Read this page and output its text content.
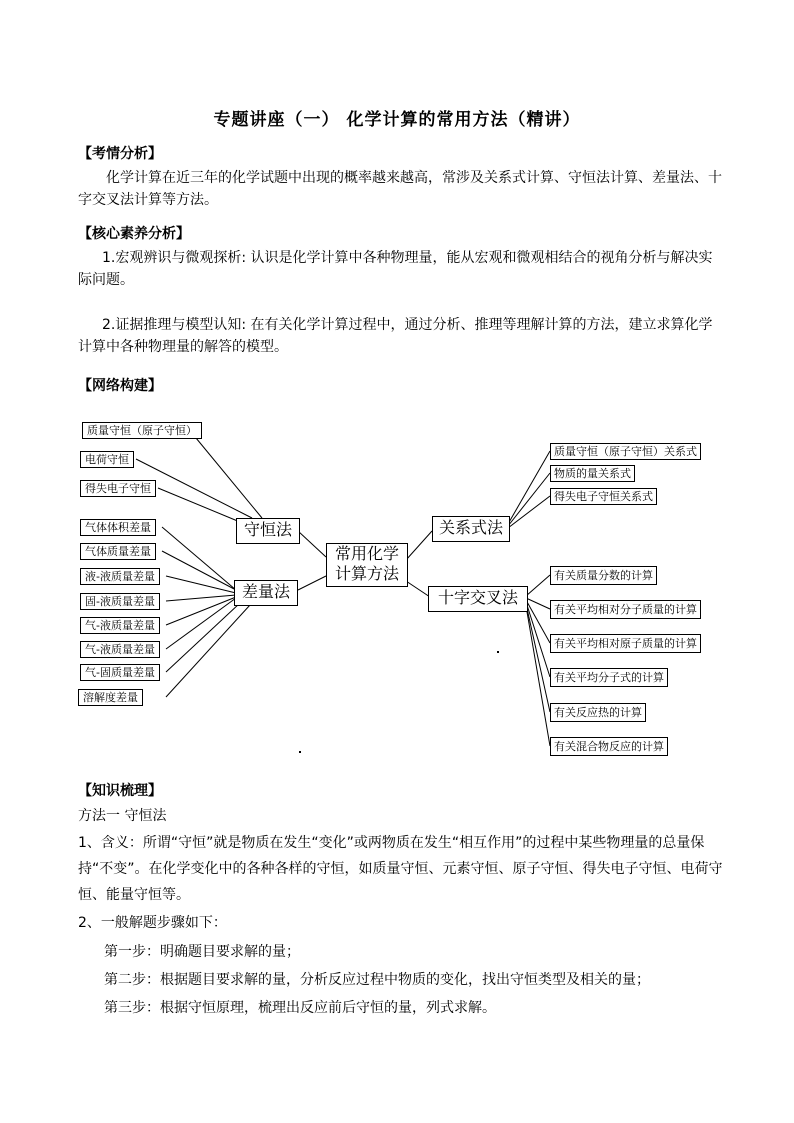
专题讲座（一） 化学计算的常用方法（精讲）
【考情分析】
化学计算在近三年的化学试题中出现的概率越来越高，常涉及关系式计算、守恒法计算、差量法、十字交叉法计算等方法。
【核心素养分析】
1.宏观辨识与微观探析: 认识是化学计算中各种物理量，能从宏观和微观相结合的视角分析与解决实际问题。
2.证据推理与模型认知: 在有关化学计算过程中，通过分析、推理等理解计算的方法，建立求算化学计算中各种物理量的解答的模型。
【网络构建】
质量守恒（原子守恒）
电荷守恒
得失电子守恒
气体体积差量
气体质量差量
液-液质量差量
固-液质量差量
气-液质量差量
气-液质量差量
气-固质量差量
溶解度差量
守恒法
差量法
常用化学
计算方法
关系式法
十字交叉法
质量守恒（原子守恒）关系式
物质的量关系式
得失电子守恒关系式
有关质量分数的计算
有关平均相对分子质量的计算
有关平均相对原子质量的计算
有关平均分子式的计算
有关反应热的计算
有关混合物反应的计算
【知识梳理】
方法一 守恒法
1、含义：所谓“守恒”就是物质在发生“变化”或两物质在发生“相互作用”的过程中某些物理量的总量保持“不变”。在化学变化中的各种各样的守恒，如质量守恒、元素守恒、原子守恒、得失电子守恒、电荷守恒、能量守恒等。
2、一般解题步骤如下：
第一步：明确题目要求解的量；
第二步：根据题目要求解的量，分析反应过程中物质的变化，找出守恒类型及相关的量；
第三步：根据守恒原理，梳理出反应前后守恒的量，列式求解。
